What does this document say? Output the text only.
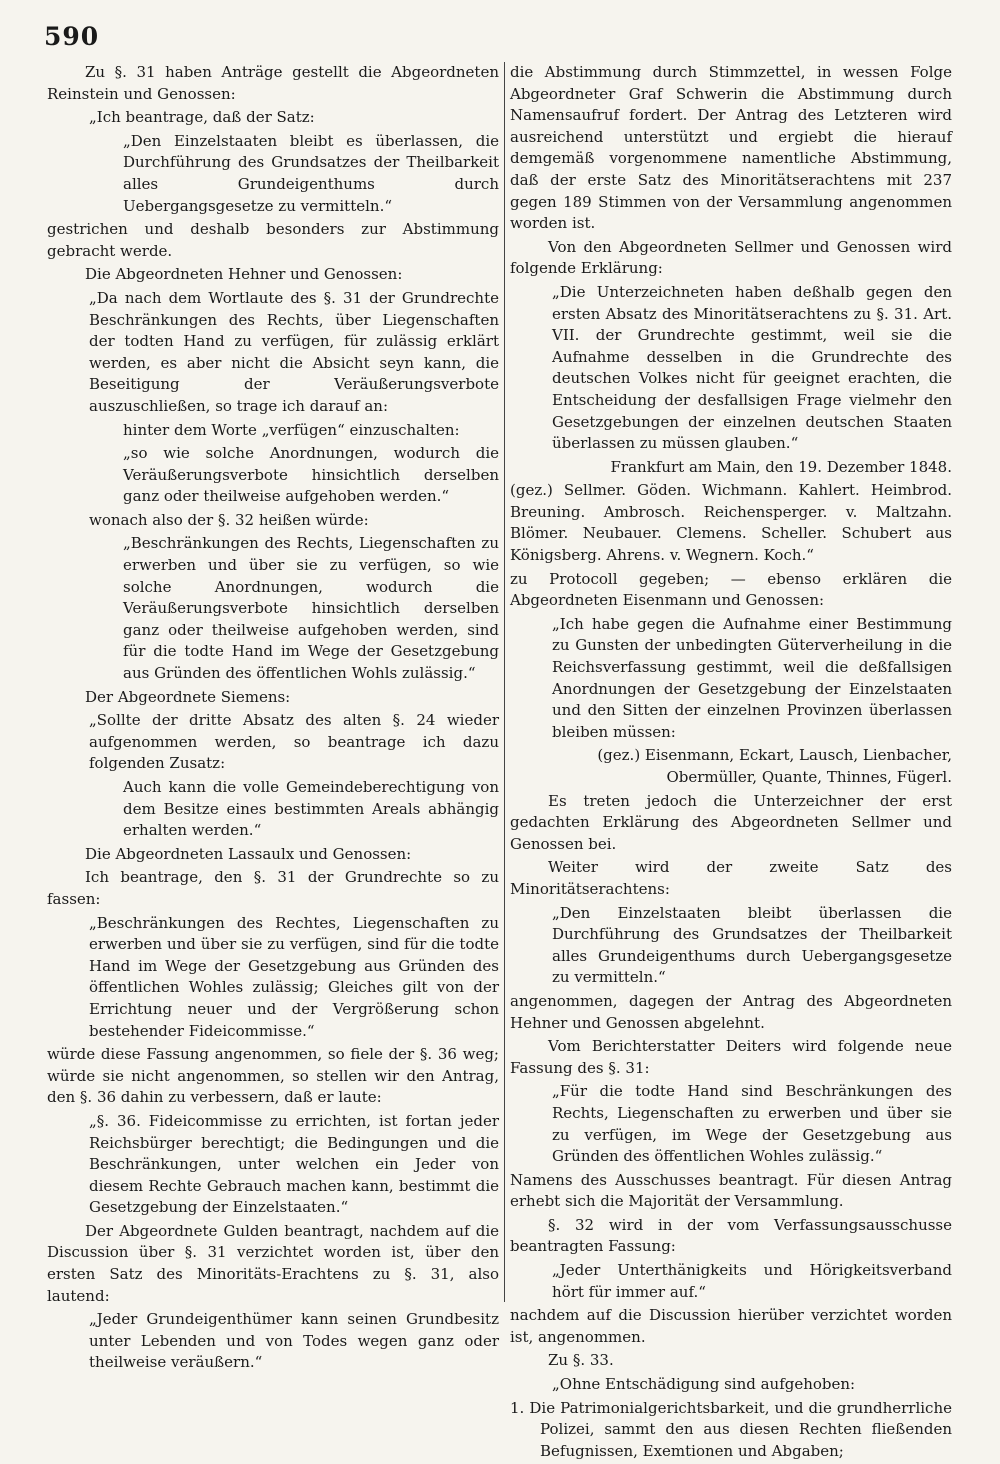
590

Zu §. 31 haben Anträge gestellt die Abgeordneten Reinstein und Genossen:

„Ich beantrage, daß der Satz:

„Den Einzelstaaten bleibt es überlassen, die Durchführung des Grundsatzes der Theilbarkeit alles Grundeigenthums durch Uebergangsgesetze zu vermitteln.“

gestrichen und deshalb besonders zur Abstimmung gebracht werde.

Die Abgeordneten Hehner und Genossen:

„Da nach dem Wortlaute des §. 31 der Grundrechte Beschränkungen des Rechts, über Liegenschaften der todten Hand zu verfügen, für zulässig erklärt werden, es aber nicht die Absicht seyn kann, die Beseitigung der Veräußerungsverbote auszuschließen, so trage ich darauf an:

hinter dem Worte „verfügen“ einzuschalten:

„so wie solche Anordnungen, wodurch die Veräußerungsverbote hinsichtlich derselben ganz oder theilweise aufgehoben werden.“

wonach also der §. 32 heißen würde:

„Beschränkungen des Rechts, Liegenschaften zu erwerben und über sie zu verfügen, so wie solche Anordnungen, wodurch die Veräußerungsverbote hinsichtlich derselben ganz oder theilweise aufgehoben werden, sind für die todte Hand im Wege der Gesetzgebung aus Gründen des öffentlichen Wohls zulässig.“

Der Abgeordnete Siemens:

„Sollte der dritte Absatz des alten §. 24 wieder aufgenommen werden, so beantrage ich dazu folgenden Zusatz:

Auch kann die volle Gemeindeberechtigung von dem Besitze eines bestimmten Areals abhängig erhalten werden.“

Die Abgeordneten Lassaulx und Genossen:

Ich beantrage, den §. 31 der Grundrechte so zu fassen:

„Beschränkungen des Rechtes, Liegenschaften zu erwerben und über sie zu verfügen, sind für die todte Hand im Wege der Gesetzgebung aus Gründen des öffentlichen Wohles zulässig; Gleiches gilt von der Errichtung neuer und der Vergrößerung schon bestehender Fideicommisse.“

würde diese Fassung angenommen, so fiele der §. 36 weg; würde sie nicht angenommen, so stellen wir den Antrag, den §. 36 dahin zu verbessern, daß er laute:

„§. 36. Fideicommisse zu errichten, ist fortan jeder Reichsbürger berechtigt; die Bedingungen und die Beschränkungen, unter welchen ein Jeder von diesem Rechte Gebrauch machen kann, bestimmt die Gesetzgebung der Einzelstaaten.“

Der Abgeordnete Gulden beantragt, nachdem auf die Discussion über §. 31 verzichtet worden ist, über den ersten Satz des Minoritäts-Erachtens zu §. 31, also lautend:

„Jeder Grundeigenthümer kann seinen Grundbesitz unter Lebenden und von Todes wegen ganz oder theilweise veräußern.“

die Abstimmung durch Stimmzettel, in wessen Folge Abgeordneter Graf Schwerin die Abstimmung durch Namensaufruf fordert. Der Antrag des Letzteren wird ausreichend unterstützt und ergiebt die hierauf demgemäß vorgenommene namentliche Abstimmung, daß der erste Satz des Minoritätserachtens mit 237 gegen 189 Stimmen von der Versammlung angenommen worden ist.

Von den Abgeordneten Sellmer und Genossen wird folgende Erklärung:

„Die Unterzeichneten haben deßhalb gegen den ersten Absatz des Minoritätserachtens zu §. 31. Art. VII. der Grundrechte gestimmt, weil sie die Aufnahme desselben in die Grundrechte des deutschen Volkes nicht für geeignet erachten, die Entscheidung der desfallsigen Frage vielmehr den Gesetzgebungen der einzelnen deutschen Staaten überlassen zu müssen glauben.“

Frankfurt am Main, den 19. Dezember 1848.

(gez.) Sellmer. Göden. Wichmann. Kahlert. Heimbrod. Breuning. Ambrosch. Reichensperger. v. Maltzahn. Blömer. Neubauer. Clemens. Scheller. Schubert aus Königsberg. Ahrens. v. Wegnern. Koch.“

zu Protocoll gegeben; — ebenso erklären die Abgeordneten Eisenmann und Genossen:

„Ich habe gegen die Aufnahme einer Bestimmung zu Gunsten der unbedingten Güterverheilung in die Reichsverfassung gestimmt, weil die deßfallsigen Anordnungen der Gesetzgebung der Einzelstaaten und den Sitten der einzelnen Provinzen überlassen bleiben müssen:

(gez.) Eisenmann, Eckart, Lausch, Lienbacher, Obermüller, Quante, Thinnes, Fügerl.

Es treten jedoch die Unterzeichner der erst gedachten Erklärung des Abgeordneten Sellmer und Genossen bei.

Weiter wird der zweite Satz des Minoritätserachtens:

„Den Einzelstaaten bleibt überlassen die Durchführung des Grundsatzes der Theilbarkeit alles Grundeigenthums durch Uebergangsgesetze zu vermitteln.“

angenommen, dagegen der Antrag des Abgeordneten Hehner und Genossen abgelehnt.

Vom Berichterstatter Deiters wird folgende neue Fassung des §. 31:

„Für die todte Hand sind Beschränkungen des Rechts, Liegenschaften zu erwerben und über sie zu verfügen, im Wege der Gesetzgebung aus Gründen des öffentlichen Wohles zulässig.“

Namens des Ausschusses beantragt. Für diesen Antrag erhebt sich die Majorität der Versammlung.

§. 32 wird in der vom Verfassungsausschusse beantragten Fassung:

„Jeder Unterthänigkeits und Hörigkeitsverband hört für immer auf.“

nachdem auf die Discussion hierüber verzichtet worden ist, angenommen.

Zu §. 33.

„Ohne Entschädigung sind aufgehoben:

1. Die Patrimonialgerichtsbarkeit, und die grundherrliche Polizei, sammt den aus diesen Rechten fließenden Befugnissen, Exemtionen und Abgaben;
